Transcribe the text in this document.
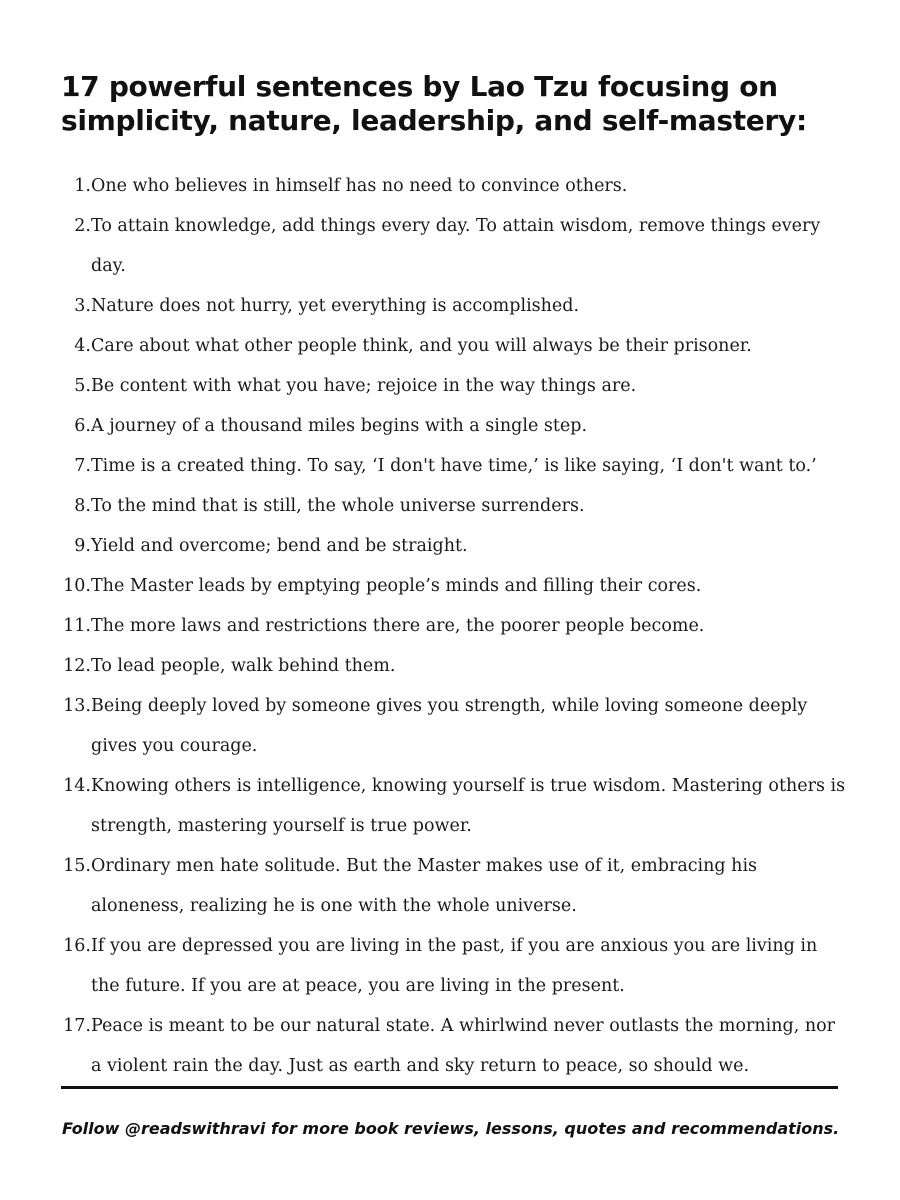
17 powerful sentences by Lao Tzu focusing on simplicity, nature, leadership, and self-mastery:
1. One who believes in himself has no need to convince others.
2. To attain knowledge, add things every day. To attain wisdom, remove things every day.
3. Nature does not hurry, yet everything is accomplished.
4. Care about what other people think, and you will always be their prisoner.
5. Be content with what you have; rejoice in the way things are.
6. A journey of a thousand miles begins with a single step.
7. Time is a created thing. To say, ‘I don't have time,’ is like saying, ‘I don't want to.’
8. To the mind that is still, the whole universe surrenders.
9. Yield and overcome; bend and be straight.
10. The Master leads by emptying people’s minds and filling their cores.
11. The more laws and restrictions there are, the poorer people become.
12. To lead people, walk behind them.
13. Being deeply loved by someone gives you strength, while loving someone deeply gives you courage.
14. Knowing others is intelligence, knowing yourself is true wisdom. Mastering others is strength, mastering yourself is true power.
15. Ordinary men hate solitude. But the Master makes use of it, embracing his aloneness, realizing he is one with the whole universe.
16. If you are depressed you are living in the past, if you are anxious you are living in the future. If you are at peace, you are living in the present.
17. Peace is meant to be our natural state. A whirlwind never outlasts the morning, nor a violent rain the day. Just as earth and sky return to peace, so should we.

Follow @readswithravi for more book reviews, lessons, quotes and recommendations.
